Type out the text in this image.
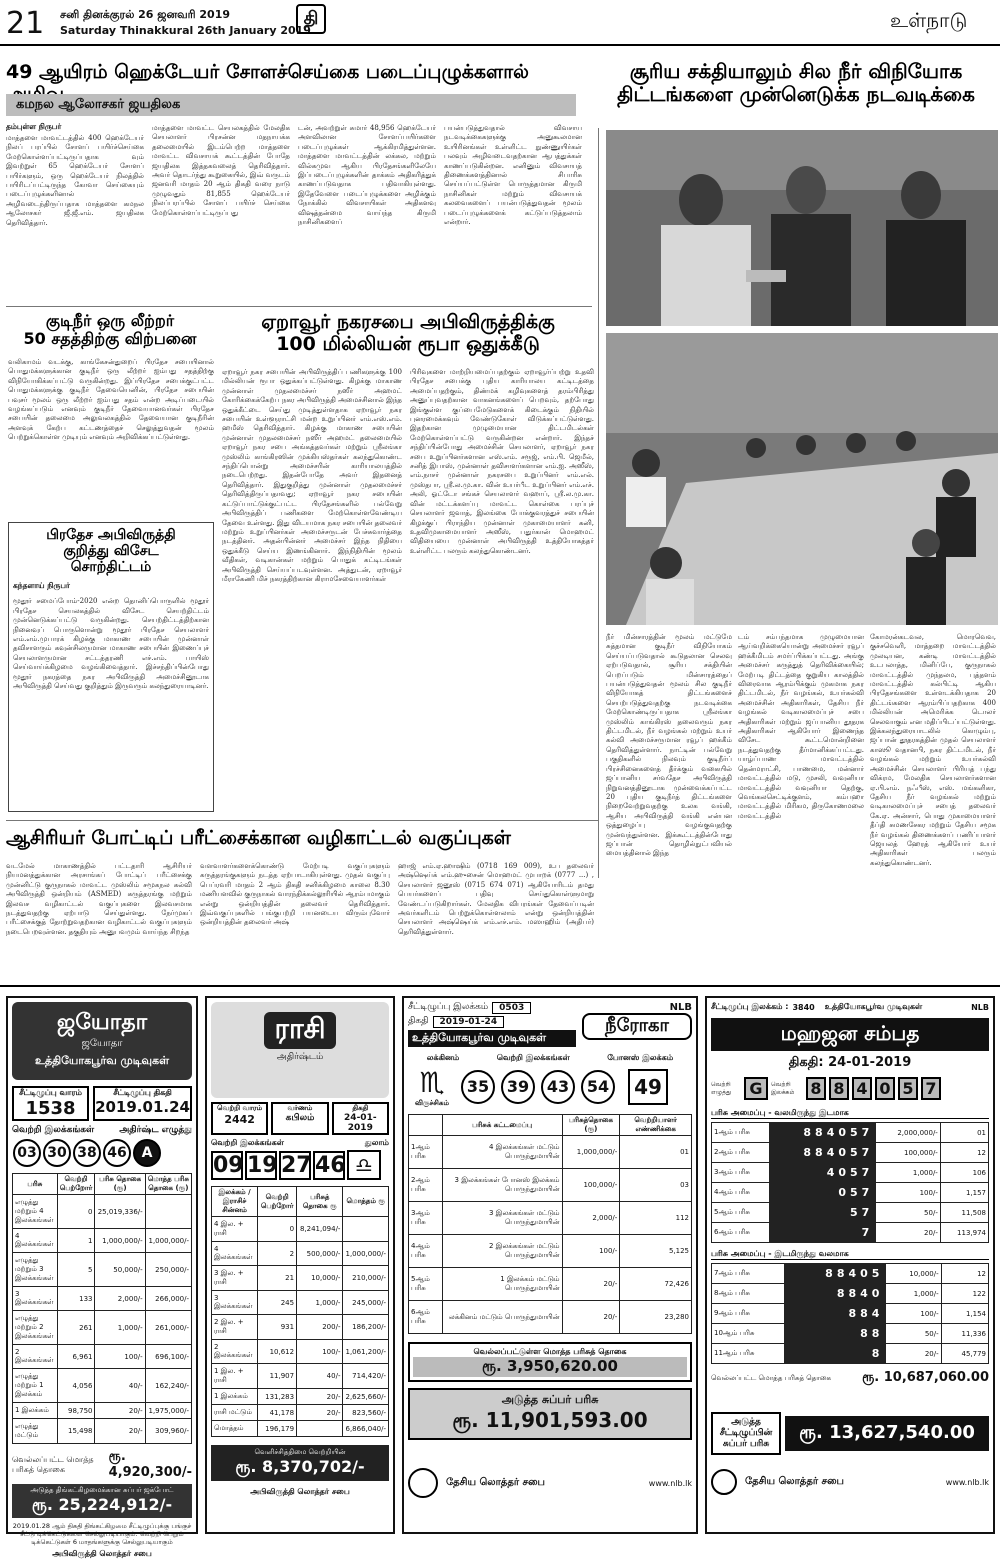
21 சனி தினக்குரல் 26 ஜனவரி 2019
Saturday Thinakkural 26th January 2019
தி	உள்நாடு
49 ஆயிரம் ஹெக்டேயர் சோளச்செய்கை படைப்புழுக்களால்
கமநல ஆலோசகர் ஜயதிலக
தம்புள்ள நிருபர்
மாத்தளை மாவட்டத்தில் 400 ஹெக்டேயர் நிலப் பரப்பில் சோளப் பயிர்ச்செய்கை மேற்கொள்ளப்பட்டிருப்பதாக வும் இவற்றுள் 65 ஹெக்டேயர் சோளப் பயிர்களும், ஒரு ஹெக்டேயர் நிலத்தில் பயிரிடப்பட்டிருந்த கோவா செய்கையும் படைப்புழுக்களினால் அழிவடைந்திருப்பதாக மாத்தளை கமநல ஆலோசகர் ஜீ.ஜீ.எம். ஜயதிலக தெரிவித்தார்.
மாத்தளை மாவட்ட செயலகத்தில் மேலதிக செயலாளர் பிரசன்ன மதநாயக்க தலைமையில் இடம்பெற்ற மாத்தளை மாவட்ட விவசாயக் கூட்டத்தின் போதே ஜயதிலக இத்தகவலைத் தெரிவித்தார். அவர் தொடர்ந்து கூறுகையில், இவ் வருடம் ஜனவரி மாதம் 20 ஆம் திகதி வரை நாடு முழுவதும் 81,855 ஹெக்டேயர் நிலப்பரப்பில் சோளப் பயிர்ச் செய்கை மேற்கொள்ளப்பட்டிருப்பது
டன், அவற்றுள் சுமார் 48,956 ஹெக்டேயர் அளவிலான சோளப்பயிர்களை படைப்புழுக்கள் ஆக்கிரமித்துள்ளன. மாத்தளை மாவட்டத்தின் லக்கல, மற்றும் வில்கமுவ ஆகிய பிரதேசங்களிலேயே இப்படைப்புழுக்களின் தாக்கம் அதிகரித்துக் காணப்படுவதாக பதிவாகியுள்ளது. இதேவேளை படைப்புழுக்களை அழிக்கும் நோக்கில் விவசாயிகள் அதிகளவு விஷத்தன்மை வாய்ந்த கிருமி நாசினிகளைப்
பயன்படுத்துவதால் விவசாய நடவடிக்கைகளுக்கு அனுகூலமான உயிரினங்கள் உள்ளிட்ட நுண்ணுயிர்கள் பலவும் அழிவடைவதற்கான ஆபத்துக்கள் காணப்படுகின்றன. எனினும் விவசாயத் திணைக்களத்தினால் சிபாரிசு செய்யப்பட்டுள்ள பொருத்தமான கிருமி நாசினிகள் மற்றும் விவசாயக் கலவைகளைப் பயன்படுத்துவதன் மூலம் படைப்புழுக்களைக் கட்டுப்படுத்தலாம் என்றார்.
சூரிய சக்தியாலும் சில நீர் விநியோக
திட்டங்களை முன்னெடுக்க நடவடிக்கை
நீர் மின்சாரத்தின் மூலம் மட்டுமே சுத்தமான குடிநீர் விநியோகம் செய்யப்படுவதால் கூடுதலான செலவு ஏற்படுவதால், சூரிய சக்தியின் பெறப்படும் மின்சாரத்தைப் பயன்படுத்துவதன் மூலம் சில குடிநீர் விநியோகத் திட்டங்களைச் செயற்படுத்துவதற்கு நடவடிக்கை மேற்கொண்டிருப்பதாக ஸ்ரீலங்கா முஸ்லிம் காங்கிரஸ் தலைவரும் நகர திட்டமிடல், நீர் வழங்கல் மற்றும் உயர் கல்வி அமைச்சருமான ரவூப் ஹக்கீம் தெரிவித்துள்ளார். நாட்டின் பல்வேறு பகுதிகளில் நிலவும் குடிநீர்ப் பிரச்சினைகளைத் தீர்க்கும் வகையில் ஜப்பானிய சர்வதேச அபிவிருத்தி நிறுவனத்தினூடாக முன்வைக்கப்பட்ட 20 புதிய குடிநீர்த் திட்டங்களை நிறைவேற்றுவதற்கு உலக வங்கி, ஆசிய அபிவிருத்தி வங்கி என்பன ஒத்துழைப்பு வழங்குவதற்கு முன்வந்துள்ளன. இக்கூட்டத்தின்போது ஜப்பான் தொழில்நுட்பவியல் மையத்தினால் இந்த
டம் சம்பந்தமாக முழுமையான ஆய்வறிக்கையொன்று அமைச்சர் ரவூப் ஹக்கீமிடம் சமர்ப்பிக்கப்பட்டது. அங்கு அமைச்சர் கருத்துத் தெரிவிக்கையில்; மேற்படி திட்டத்தை குறுகிய காலத்தில் விரைவாக ஆரம்பிக்கும் முகமாக நகர திட்டமிடல், நீர் வழங்கல், உயர்கல்வி அமைச்சின் அதிகாரிகள், தேசிய நீர் வழங்கல் வடிகாலமைப்புச் சபை அதிகாரிகள் மற்றும் ஜப்பானிய தூதரக அதிகாரிகள் ஆகியோர் இணைந்த விசேட கூட்டமொன்றினை நடத்துவதற்கு தீர்மானிக்கப்பட்டது. யாழ்ப்பாண மாவட்டத்தில் தென்மராட்சி, பாணமை, மன்னார் மாவட்டத்தில் மடு, முசலி, வவுனியா மாவட்டத்தில் வவுனியா தெற்கு, வெங்கலசெட்டிக்குளம், கம்பஹா மாவட்டத்தில் மிரிகம, திருகோணமலை மாவட்டத்தில்
கோமரன்கடவல, மொரவெவ, குச்சவெளி, மாத்தறை மாவட்டத்தில் முலடியன, கண்டி மாவட்டத்தில் உடபலாத்த, மினிப்பே, குருநாகல் மாவட்டத்தில் முந்தலம, புத்தளம் மாவட்டத்தில் கல்பிட்டி ஆகிய பிரதேசங்களை உள்ளடக்கியதாக 20 திட்டங்களை ஆரம்பிப்பதற்காக 400 மில்லியன் அமெரிக்க டொலர் செலவாகும் என மதிப்பிடப்பட்டுள்ளது. இக்கலந்துரையாடலில் கொழும்பு, ஜப்பான் தூதரகத்தின் முதல் செயலாளர் காஸூ வதானபி, நகர திட்டமிடல், நீர் வழங்கல் மற்றும் உயர்கல்வி அமைச்சின் செயலாளர் பிரியத் பந்து விக்ரம, மேலதிக செயலாளர்களான ஏ.பி.எம். நஃபீஸ், எஸ். மங்களிகா, தேசிய நீர் வழங்கல் மற்றும் வடிகாலமைப்புச் சபைத் தலைவர் கே.ஏ. அன்சார், பொது முகாமையாளர் தீப்தி சுமணசேகர மற்றும் தேசிய சமூக நீர் வழங்கல் திணைக்களப் பணிப்பாளர் ஜெயலத் ஹேரத் ஆகியோர் உயர் அதிகாரிகள் பலரும் கலந்துகொண்டனர்.
குடிநீர் ஒரு லீற்றர்
50 சதத்திற்கு விற்பனை
வலிகாமம் வடக்கு, காங்கேசன்துறைப் பிரதேச சபையினால் பொதுமக்களுக்கான குடிநீர் ஒரு லீற்றர் ஐம்பது சதத்திற்கு விநியோகிக்கப்பட்டு வருகின்றது. இப்பிரதேச சபைக்குட்பட்ட பொதுமக்களுக்கு குடிநீர் தேவையெனின், பிரதேச சபையின் பவுசர் மூலம் ஒரு லீற்றர் ஐம்பது சதம் என்ற அடிப்படையில் வழங்கப்படும் எனவும் குடிநீர் தேவையானவர்கள் பிரதேச சபையின் தலைமை அலுவலகத்தில் தேவையான குடிநீரின் அளவுக் கேற்ப கட்டணத்தைச் செலுத்துவதன் மூலம் பெற்றுக்கொள்ள முடியும் எனவும் அறிவிக்கப்பட்டுள்ளது.
பிரதேச அபிவிருத்தி
குறித்து விசேட
சொற்திட்டம்
கந்தளாய் நிருபர்
மூதூர் சமைப்போம்-2020 என்ற தொனிப்பொருளில் மூதூர் பிரதேச செயலகத்தில் விசேட செயற்திட்டம் முன்னெடுக்கப்பட்டு வருகின்றது. செயற்திட்டத்திற்கான நினைவுப் பொருளொன்று மூதூர் பிரதேச செயலாளர் எம்.எம்.முபாரக் கிழக்கு மாகாண சபையின் முன்னாள் தவிசாளரும் கவுன்சிலருமான மாகாண சபையின் இணைப்புச் செயலாளருமான சட்டத்தரணி எச்.எம். பாயிஸ் செய்வாய்க்கிழமை வழங்கிவைத்தார். இச்சந்திப்பின்போது மூதூர் நகரத்தை நகர அபிவிருத்தி அமைச்சினூடாக அபிவிருத்தி செய்வது குறித்தும் இருவரும் கலந்துரையாடினர்.
ஏறாவூர் நகரசபை அபிவிருத்திக்கு
100 மில்லியன் ரூபா ஒதுக்கீடு
ஏறாவூர் நகர சபையின் அபிவிருத்திப் பணிகளுக்கு 100 மில்லியன் ரூபா ஒதுக்கப்பட்டுள்ளது. கிழக்கு மாகாண முன்னாள் முதலமைச்சர் நஸீர் அஹமட் கோரிக்கைக்கேற்ப நகர அபிவிருத்தி அமைச்சினால் இந்த ஒதுக்கீட்டை செய்து முடித்துள்ளதாக ஏறாவூர் நகர சபையின் உள்ளூராட்சி மன்ற உறுப்பினர் எம்.எஸ்.எம். ஹமீஸ் தெரிவித்தார். கிழக்கு மாகாண சபையின் முன்னாள் முதலமைச்சர் நஸீர் அஹமட் தலைமையில் ஏறாவூர் நகர சபை அங்கத்தவர்கள் மற்றும் ஸ்ரீலங்கா முஸ்லிம் காங்கிரஸின் முக்கியஸ்தர்கள் கலந்துகொண்ட சந்திப்பொன்று அமைச்சரின் காரியாலயத்தில் நடைபெற்றது. இதன்போதே அவர் இதனைத் தெரிவித்தார். இதுகுறித்து முன்னாள் முதலமைச்சர் தெரிவித்திருப்பதாவது; ஏறாவூர் நகர சபையின் கட்டுப்பாட்டுக்குட்பட்ட பிரதேசங்களில் பல்வேறு அபிவிருத்திப் பணிகளை மேற்கொள்ளவேண்டிய தேவை உள்ளது. இது விடயமாக நகர சபையின் தலைவர் மற்றும் உறுப்பினர்கள் அமைச்சருடன் பேச்சுவார்த்தை நடத்தினர். அதன்பின்னர் அமைச்சர் இந்த நிதியை ஒதுக்கீடு செய்ய இணங்கினார். இந்நிதியின் மூலம் வீதிகள், வடிகான்கள் மற்றும் பொதுக் கட்டிடங்கள் அபிவிருத்தி செய்யப்படவுள்ளன. அத்துடன், ஏறாவூர் மீராகேணி மிச் நகரத்திற்கான கிராமசேவையாளர்கள்
பிரிவுகளை மாற்றியமைப்பதற்கும் ஏறாவூர்ப்பற்று உதவி பிரதேச சபைக்கு புதிய காரியாலய கட்டிடத்தை அமைப்பதற்கும், திண்மக் கழிவுகளைத் தரம்பிரித்து அனுப்புவதற்கான வாகனங்களைப் பெறவும், தற்போது இங்குள்ள குப்பைமேடுகளைக் கிடைக்கும் நிதியில் புனரமைக்கவும் வேண்டுகோள் விடுக்கப்பட்டுள்ளது. இதற்கான முழுமையான திட்டமிடல்கள் மேற்கொள்ளப்பட்டு வருகின்றன என்றார். இந்தச் சந்திப்பின்போது அமைச்சின் செயலாளர், ஏறாவூர் நகர சபை உறுப்பினர்களான எஸ்.எம். சரூஜ், எம்.பி. ஜெமீல், சனித் இபாஸ், முன்னாள் தவிசாளர்களான எம்.ஐ. அஸீஸ், எம்.நாசர் முன்னாள் நகரசபை உறுப்பினர் எம்.எல். முஸ்தபா, ஸ்ரீ.ல.மு.கா. வின் உயர்பீட உறுப்பினர் எம்.எச். அலி, ஓட்டோ சங்கச் செயலாளர் வஹாப், ஸ்ரீ.ல.மு.கா. வின் மட்டக்களப்பு மாவட்ட கொள்கை பரப்புச் செயலாளர் ஜவாத், இலங்கை போக்குவரத்துச் சபையின் கிழக்குப் பிராந்திய முன்னாள் முகாமையாளர் கனி, உதவிமுகாமையாளர் அஸீஸ், பதுர்கான் மொஹமட் விதியையை முன்னாள் அபிவிருத்தி உத்தியோகத்தர் உள்ளிட்ட பலரும் கலந்துகொண்டனர்.
ஆசிரியர் போட்டிப் பரீட்சைக்கான வழிகாட்டல் வகுப்புகள்
வடமேல் மாகாணத்தில் பட்டதாரி ஆசிரியர் நியமனத்துக்கான அரசாங்கப் போட்டிப் பரீட்சைக்கு முன்னிட்டு குருநாகல் மாவட்ட முஸ்லிம் சமூகநல கல்வி அபிவிருத்தி ஒன்றியம் (ASMED) கருத்தரங்கு மற்றும் இலவச வழிகாட்டல் வகுப்புகளை இலவசமாக நடத்துவதற்கு ஏற்பாடு செய்துள்ளது. நேர்முகப் பரீட்சைக்குத் தோற்றுவதற்கான வழிகாட்டல் வகுப்புகளும் நடைபெறவுள்ளன. தகுதியும் அனுபவமும் வாய்ந்த சிறந்த
வளவாளர்களைக்கொண்டு மேற்படி வகுப்புகளும் கருத்தரங்குகளும் நடத்த ஏற்பாடாகியுள்ளது. முதல் வகுப்பு பெப்ரவரி மாதம் 2 ஆம் திகதி சனிக்கிழமை காலை 8.30 மணியளவில் குருநாகல் வாரந்திக்கல்லூரியில் ஆரம்பமாகும் என்று ஒன்றியத்தின் தலைவர் தெரிவித்தார். இவ்வகுப்புகளில் பங்குபற்றி பயனடைய விரும்புவோர் ஒன்றியத்தின் தலைவர் அஷ்
ஹாஜ் எம்.ஏ.ஹாஷிம் (0718 169 009), உப தலைவர் அஷ்ஷெய்க் எம்.ஹுசைன் மொஹமட் முபாறக் (0777 ...) , செயலாளர் ஜனூஸ் (0715 674 071) ஆகியோரிடம் தமது பெயர்களைப் பதிவு செய்துகொள்ளுமாறு வேண்டப்படுகிறார்கள். மேலதிக விபரங்கள் தேவைப்படின் அவர்களிடம் பெற்றுக்கொள்ளலாம் என்று ஒன்றியத்தின் செயலாளர் அஷ்ஷெய்க் எம்.எச்.எம். மஸாஹிம் (அதிபர்) தெரிவித்துள்ளார்.
ஜயோதா
ஜயோதா
உத்தியோகபூர்வ முடிவுகள்
சீட்டிழுப்பு வாரம்
1538
சீட்டிழுப்பு திகதி
2019.01.24
வெற்றி இலக்கங்கள்	அதிர்ஷ்ட எழுத்து
03 30 38 46 A
பரிசு	வெற்றி பெற்றோர்	பரிசு தொகை (ரூ)	மொத்த பரிசு தொகை (ரூ)
எழுத்து மற்றும் 4 இலக்கங்கள்	0	25,019,336/-	
4 இலக்கங்கள்	1	1,000,000/-	1,000,000/-
எழுத்து மற்றும் 3 இலக்கங்கள்	5	50,000/-	250,000/-
3 இலக்கங்கள்	133	2,000/-	266,000/-
எழுத்து மற்றும் 2 இலக்கங்கள்	261	1,000/-	261,000/-
2 இலக்கங்கள்	6,961	100/-	696,100/-
எழுத்து மற்றும் 1 இலக்கம்	4,056	40/-	162,240/-
1 இலக்கம்	98,750	20/-	1,975,000/-
எழுத்து மட்டும்	15,498	20/-	309,960/-
வெல்லப்பட்ட மொத்த பரிசுத் தொகை
ரூ. 4,920,300/-
அடுத்த திங்கட்கிழமைக்கான சுப்பர் ஜக்போட்
ரூ. 25,224,912/-
2019.01.28 ஆம் திகதி திங்கட்கிழமை சீட்டிழுப்புக்கு பங்குச் சீட்டு டிக்கெட்டுகளை செல்லுபடியாகும். வெற்றி பெறும் டிக்கெட்டுகள் 6 மாதங்களுக்கு செல்லுபடியாகும்
அபிவிருத்தி லொத்தர் சபை
ராசி
அதிர்ஷ்டம்
வெற்றி வாரம்
2442
வர்ணம்
கபிலம்
திகதி
24-01-2019
வெற்றி இலக்கங்கள்	துலாம்
09 19 27 46 ♎
இலக்கம் / இராசிச் சின்னம்	வெற்றி பெற்றோர்	பரிசுத் தொகை ரூ	மொத்தம் ரூ
4 இல. + ராசி	0	8,241,094/-	
4 இலக்கங்கள்	2	500,000/-	1,000,000/-
3 இல. + ராசி	21	10,000/-	210,000/-
3 இலக்கங்கள்	245	1,000/-	245,000/-
2 இல. + ராசி	931	200/-	186,200/-
2 இலக்கங்கள்	10,612	100/-	1,061,200/-
1 இல. + ராசி	11,907	40/-	714,420/-
1 இலக்கம்	131,283	20/-	2,625,660/-
ராசி மட்டும்	41,178	20/-	823,560/-
மொத்தம்	196,179		6,866,040/-
வெளிச்சித்திமை வெற்றியின்
ரூ. 8,370,702/-
அபிவிருத்தி லொத்தர் சபை
சீட்டிழுப்பு இலக்கம்	0503
திகதி	2019-01-24
உத்தியோகபூர்வ முடிவுகள்
NLB
நீரோகா
லக்கினம்	வெற்றி இலக்கங்கள்	போனஸ் இலக்கம்
♏
விருச்சிகம்
35	39	43	54	49
	பரிசுக் கட்டமைப்பு	பரிசுத்தொகை (ரூ)	வெற்றியாளர் எண்ணிக்கை
1ஆம் பரிசு	4 இலக்கங்கள் மட்டும் பொருந்துமாயின்	1,000,000/-	01
2ஆம் பரிசு	3 இலக்கங்கள் போனஸ் இலக்கம் பொருந்துமாயின்	100,000/-	03
3ஆம் பரிசு	3 இலக்கங்கள் மட்டும் பொருந்துமாயின்	2,000/-	112
4ஆம் பரிசு	2 இலக்கங்கள் மட்டும் பொருந்துமாயின்	100/-	5,125
5ஆம் பரிசு	1 இலக்கம் மட்டும் பொருந்துமாயின்	20/-	72,426
6ஆம் பரிசு	லக்கினம் மட்டும் பொருந்துமாயின்	20/-	23,280
வெல்லப்பட்டுள்ள மொத்த பரிசுத் தொகை
ரூ. 3,950,620.00
அடுத்த சுப்பர் பரிசு
ரூ. 11,901,593.00
தேசிய லொத்தர் சபை	www.nlb.lk
சீட்டிழுப்பு இலக்கம் : 3840 உத்தியோகபூர்வ முடிவுகள்	NLB
மஹஜன சம்பத
திகதி: 24-01-2019
வெற்றி எழுத்து	G	வெற்றி இலக்கம்	8 8 4 0 5 7
பரிசு அமைப்பு - வலமிருந்து இடமாக
1ஆம் பரிசு	884057	2,000,000/-	01
2ஆம் பரிசு	884057	100,000/-	12
3ஆம் பரிசு	4057	1,000/-	106
4ஆம் பரிசு	057	100/-	1,157
5ஆம் பரிசு	57	50/-	11,508
6ஆம் பரிசு	7	20/-	113,974
பரிசு அமைப்பு - இடமிருந்து வலமாக
7ஆம் பரிசு	88405	10,000/-	12
8ஆம் பரிசு	8840	1,000/-	122
9ஆம் பரிசு	884	100/-	1,154
10ஆம் பரிசு	88	50/-	11,336
11ஆம் பரிசு	8	20/-	45,779
வெல்லப்பட்ட மொத்த பரிசுத் தொகை ரூ. 10,687,060.00
அடுத்த சீட்டிழுப்பின் சுப்பர் பரிசு
ரூ. 13,627,540.00
தேசிய லொத்தர் சபை	www.nlb.lk
